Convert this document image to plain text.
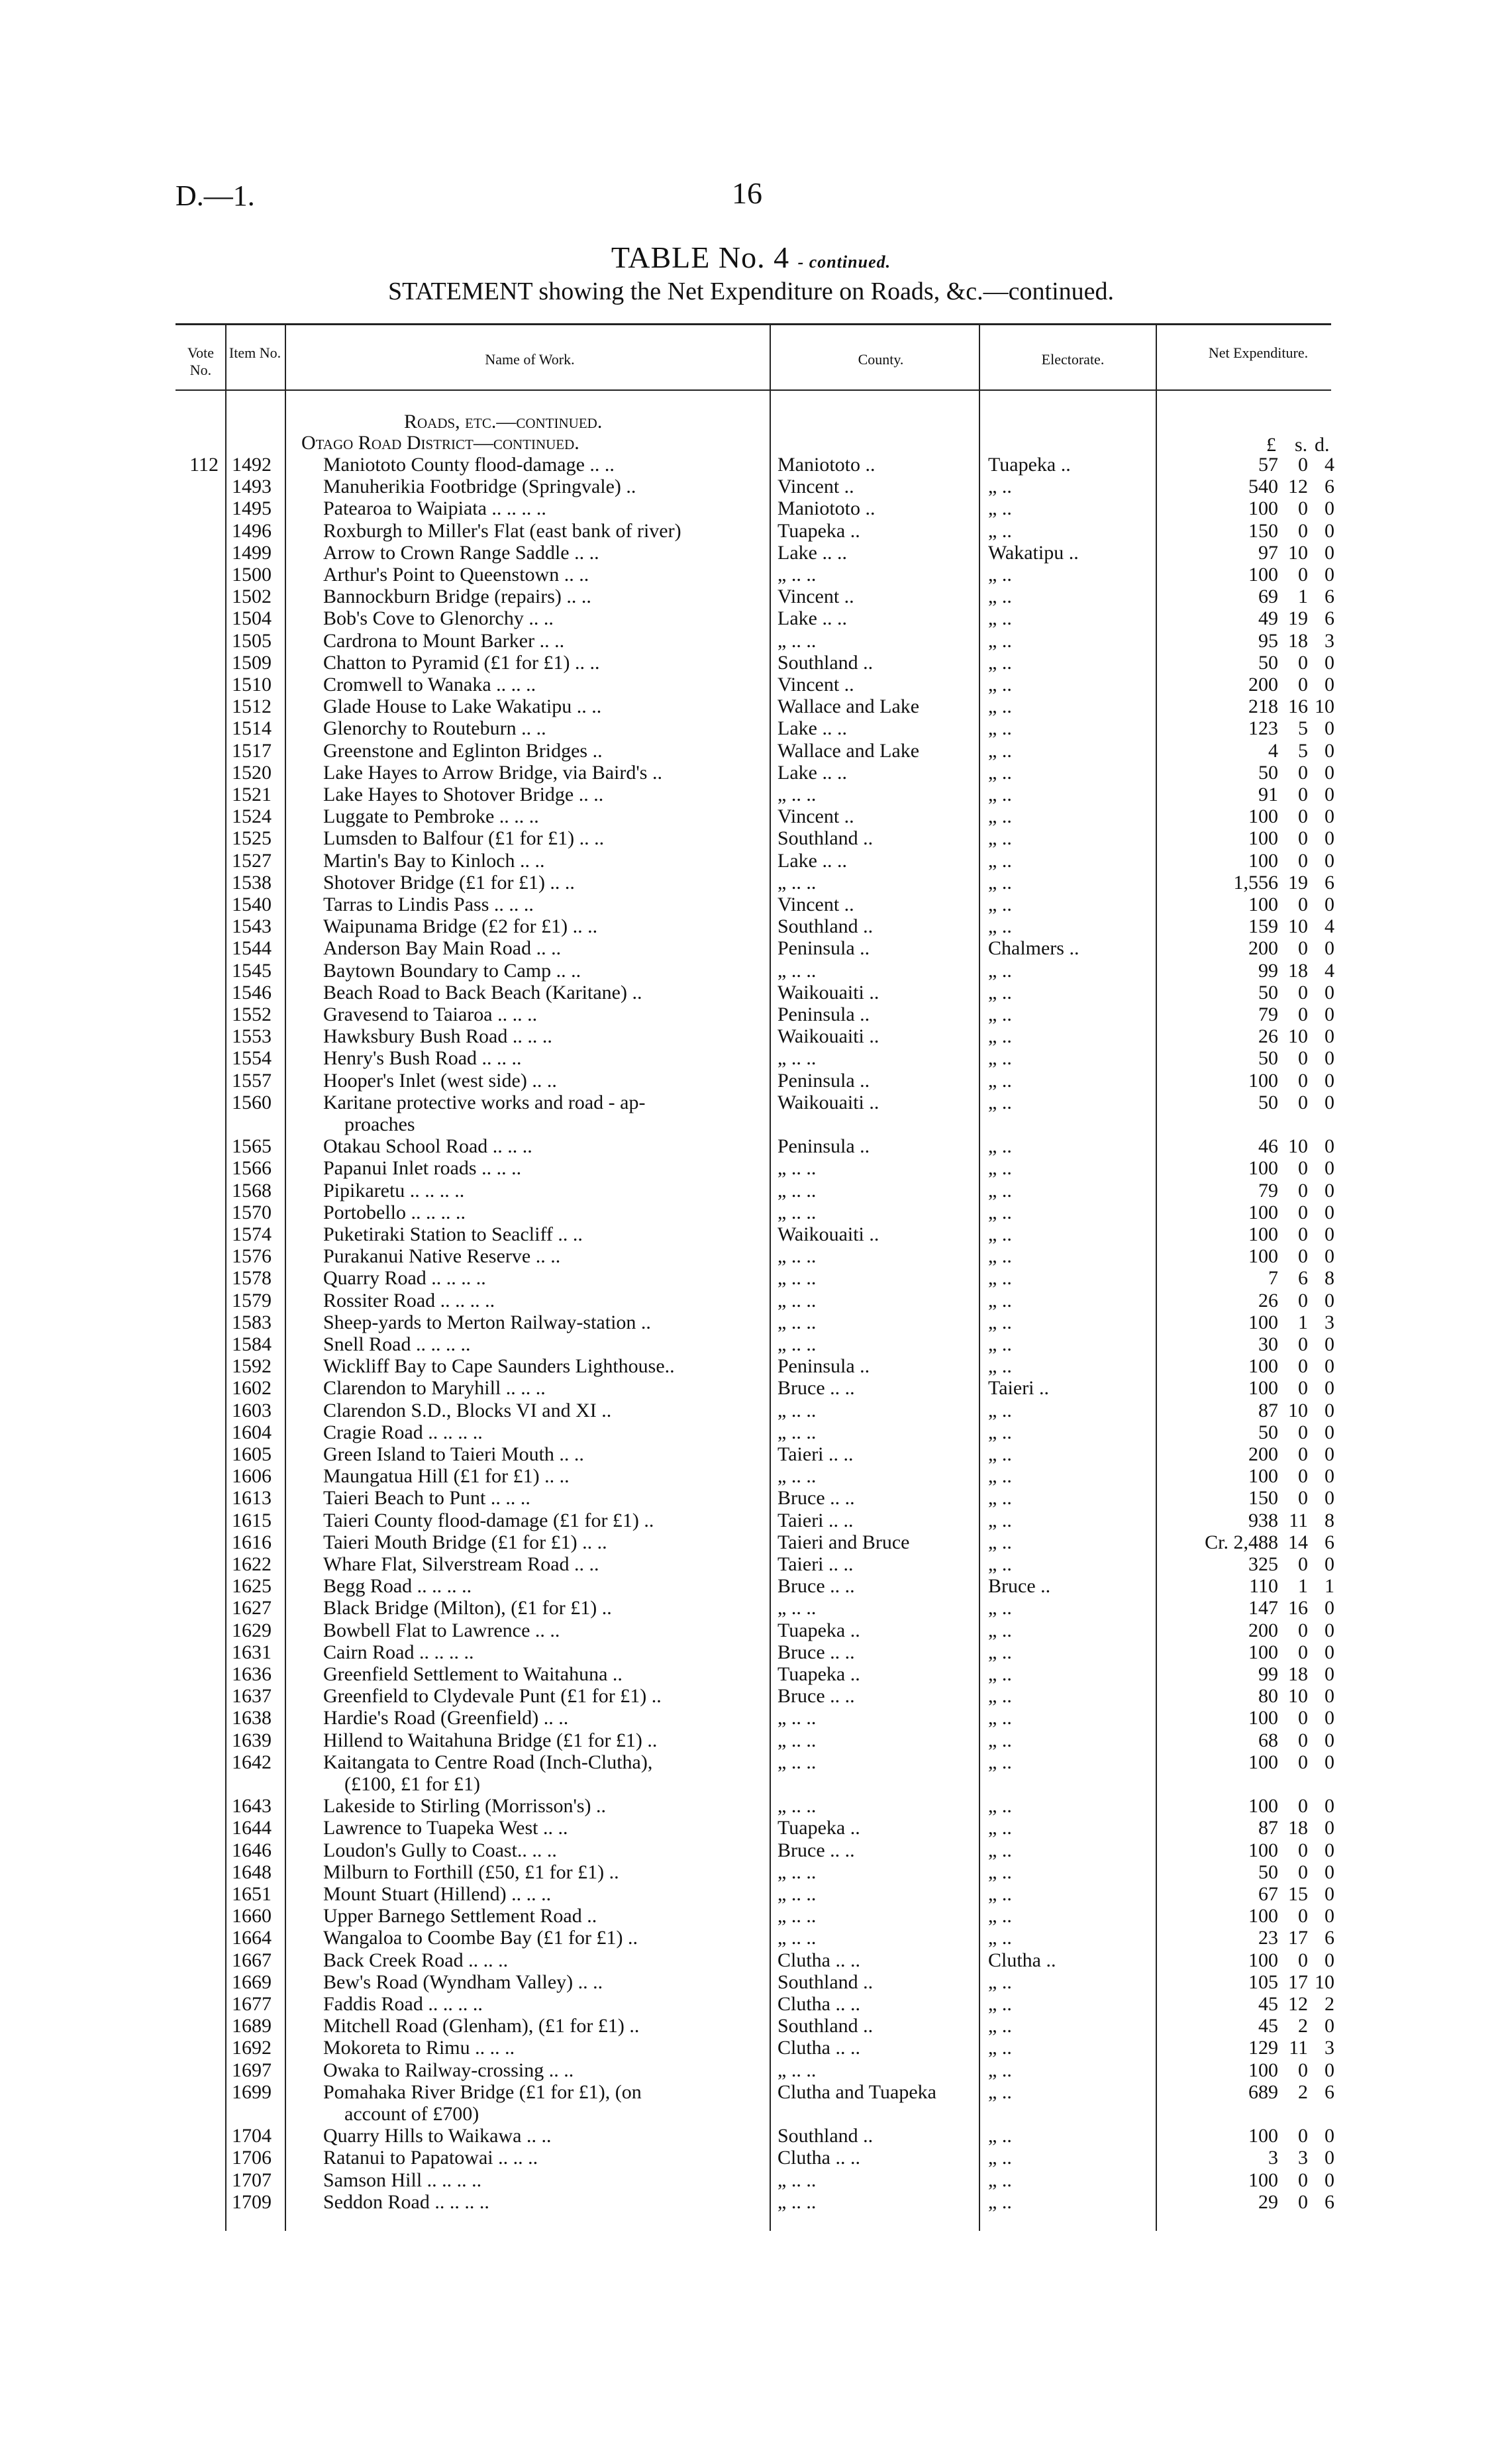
D.—1.	16
TABLE No. 4 - continued.
STATEMENT showing the Net Expenditure on Roads, &c.—continued.
Vote No.
Item No.	Name of Work.	County.	Electorate.	Net Expenditure.
Roads, etc.—continued.
Otago Road District—continued.	£ s. d.
112 1492	Maniototo County flood-damage .. ..	Maniototo ..	Tuapeka ..	57	0 4
1493	Manuherikia Footbridge (Springvale) ..	Vincent ..	„ ..	540 12 6
1495	Patearoa to Waipiata .. .. .. ..	Maniototo ..	„ ..	100	0 0
1496	Roxburgh to Miller's Flat (east bank of river)	Tuapeka ..	„ ..	150	0 0
1499	Arrow to Crown Range Saddle .. ..	Lake .. ..	Wakatipu ..	97 10 0
1500	Arthur's Point to Queenstown .. ..	„ .. ..	„ ..	100	0 0
1502	Bannockburn Bridge (repairs) .. ..	Vincent ..	„ ..	69	1 6
1504	Bob's Cove to Glenorchy .. ..	Lake .. ..	„ ..	49 19 6
1505	Cardrona to Mount Barker .. ..	„ .. ..	„ ..	95 18 3
1509	Chatton to Pyramid (£1 for £1) .. ..	Southland ..	„ ..	50	0 0
1510	Cromwell to Wanaka .. .. ..	Vincent ..	„ ..	200	0 0
1512	Glade House to Lake Wakatipu .. ..	Wallace and Lake	„ ..	218 16 10
1514	Glenorchy to Routeburn .. ..	Lake .. ..	„ ..	123	5 0
1517	Greenstone and Eglinton Bridges ..	Wallace and Lake	„ ..	4	5 0
1520	Lake Hayes to Arrow Bridge, via Baird's ..	Lake .. ..	„ ..	50	0 0
1521	Lake Hayes to Shotover Bridge .. ..	„ .. ..	„ ..	91	0 0
1524	Luggate to Pembroke .. .. ..	Vincent ..	„ ..	100	0 0
1525	Lumsden to Balfour (£1 for £1) .. ..	Southland ..	„ ..	100	0 0
1527	Martin's Bay to Kinloch .. ..	Lake .. ..	„ ..	100	0 0
1538	Shotover Bridge (£1 for £1) .. ..	„ .. ..	„ ..	1,556 19 6
1540	Tarras to Lindis Pass .. .. ..	Vincent ..	„ ..	100	0 0
1543	Waipunama Bridge (£2 for £1) .. ..	Southland ..	„ ..	159 10 4
1544	Anderson Bay Main Road .. ..	Peninsula ..	Chalmers ..	200	0 0
1545	Baytown Boundary to Camp .. ..	„ .. ..	„ ..	99 18 4
1546	Beach Road to Back Beach (Karitane) ..	Waikouaiti ..	„ ..	50	0 0
1552	Gravesend to Taiaroa .. .. ..	Peninsula ..	„ ..	79	0 0
1553	Hawksbury Bush Road .. .. ..	Waikouaiti ..	„ ..	26 10 0
1554	Henry's Bush Road .. .. ..	„ .. ..	„ ..	50	0 0
1557	Hooper's Inlet (west side) .. ..	Peninsula ..	„ ..	100	0 0
1560	Karitane protective works and road - ap-	Waikouaiti ..	„ ..	50	0 0
proaches
1565	Otakau School Road .. .. ..	Peninsula ..	„ ..	46 10 0
1566	Papanui Inlet roads .. .. ..	„ .. ..	„ ..	100	0 0
1568	Pipikaretu .. .. .. ..	„ .. ..	„ ..	79	0 0
1570	Portobello .. .. .. ..	„ .. ..	„ ..	100	0 0
1574	Puketiraki Station to Seacliff .. ..	Waikouaiti ..	„ ..	100	0 0
1576	Purakanui Native Reserve .. ..	„ .. ..	„ ..	100	0 0
1578	Quarry Road .. .. .. ..	„ .. ..	„ ..	7	6 8
1579	Rossiter Road .. .. .. ..	„ .. ..	„ ..	26	0 0
1583	Sheep-yards to Merton Railway-station ..	„ .. ..	„ ..	100	1 3
1584	Snell Road .. .. .. ..	„ .. ..	„ ..	30	0 0
1592	Wickliff Bay to Cape Saunders Lighthouse..	Peninsula ..	„ ..	100	0 0
1602	Clarendon to Maryhill .. .. ..	Bruce .. ..	Taieri ..	100	0 0
1603	Clarendon S.D., Blocks VI and XI ..	„ .. ..	„ ..	87 10 0
1604	Cragie Road .. .. .. ..	„ .. ..	„ ..	50	0 0
1605	Green Island to Taieri Mouth .. ..	Taieri .. ..	„ ..	200	0 0
1606	Maungatua Hill (£1 for £1) .. ..	„ .. ..	„ ..	100	0 0
1613	Taieri Beach to Punt .. .. ..	Bruce .. ..	„ ..	150	0 0
1615	Taieri County flood-damage (£1 for £1) ..	Taieri .. ..	„ ..	938 11 8
1616	Taieri Mouth Bridge (£1 for £1) .. ..	Taieri and Bruce	„ ..	Cr. 2,488 14 6
1622	Whare Flat, Silverstream Road .. ..	Taieri .. ..	„ ..	325	0 0
1625	Begg Road .. .. .. ..	Bruce .. ..	Bruce ..	110	1 1
1627	Black Bridge (Milton), (£1 for £1) ..	„ .. ..	„ ..	147 16 0
1629	Bowbell Flat to Lawrence .. ..	Tuapeka ..	„ ..	200	0 0
1631	Cairn Road .. .. .. ..	Bruce .. ..	„ ..	100	0 0
1636	Greenfield Settlement to Waitahuna ..	Tuapeka ..	„ ..	99 18 0
1637	Greenfield to Clydevale Punt (£1 for £1) ..	Bruce .. ..	„ ..	80 10 0
1638	Hardie's Road (Greenfield) .. ..	„ .. ..	„ ..	100	0 0
1639	Hillend to Waitahuna Bridge (£1 for £1) ..	„ .. ..	„ ..	68	0 0
1642	Kaitangata to Centre Road (Inch-Clutha),	„ .. ..	„ ..	100	0 0
(£100, £1 for £1)
1643	Lakeside to Stirling (Morrisson's) ..	„ .. ..	„ ..	100	0 0
1644	Lawrence to Tuapeka West .. ..	Tuapeka ..	„ ..	87 18 0
1646	Loudon's Gully to Coast.. .. ..	Bruce .. ..	„ ..	100	0 0
1648	Milburn to Forthill (£50, £1 for £1) ..	„ .. ..	„ ..	50	0 0
1651	Mount Stuart (Hillend) .. .. ..	„ .. ..	„ ..	67 15 0
1660	Upper Barnego Settlement Road ..	„ .. ..	„ ..	100	0 0
1664	Wangaloa to Coombe Bay (£1 for £1) ..	„ .. ..	„ ..	23 17 6
1667	Back Creek Road .. .. ..	Clutha .. ..	Clutha ..	100	0 0
1669	Bew's Road (Wyndham Valley) .. ..	Southland ..	„ ..	105 17 10
1677	Faddis Road .. .. .. ..	Clutha .. ..	„ ..	45 12 2
1689	Mitchell Road (Glenham), (£1 for £1) ..	Southland ..	„ ..	45	2 0
1692	Mokoreta to Rimu .. .. ..	Clutha .. ..	„ ..	129 11 3
1697	Owaka to Railway-crossing .. ..	„ .. ..	„ ..	100	0 0
1699	Pomahaka River Bridge (£1 for £1), (on	Clutha and Tuapeka	„ ..	689	2 6
account of £700)
1704	Quarry Hills to Waikawa .. ..	Southland ..	„ ..	100	0 0
1706	Ratanui to Papatowai .. .. ..	Clutha .. ..	„ ..	3	3 0
1707	Samson Hill .. .. .. ..	„ .. ..	„ ..	100	0 0
1709	Seddon Road .. .. .. ..	„ .. ..	„ ..	29	0 6
